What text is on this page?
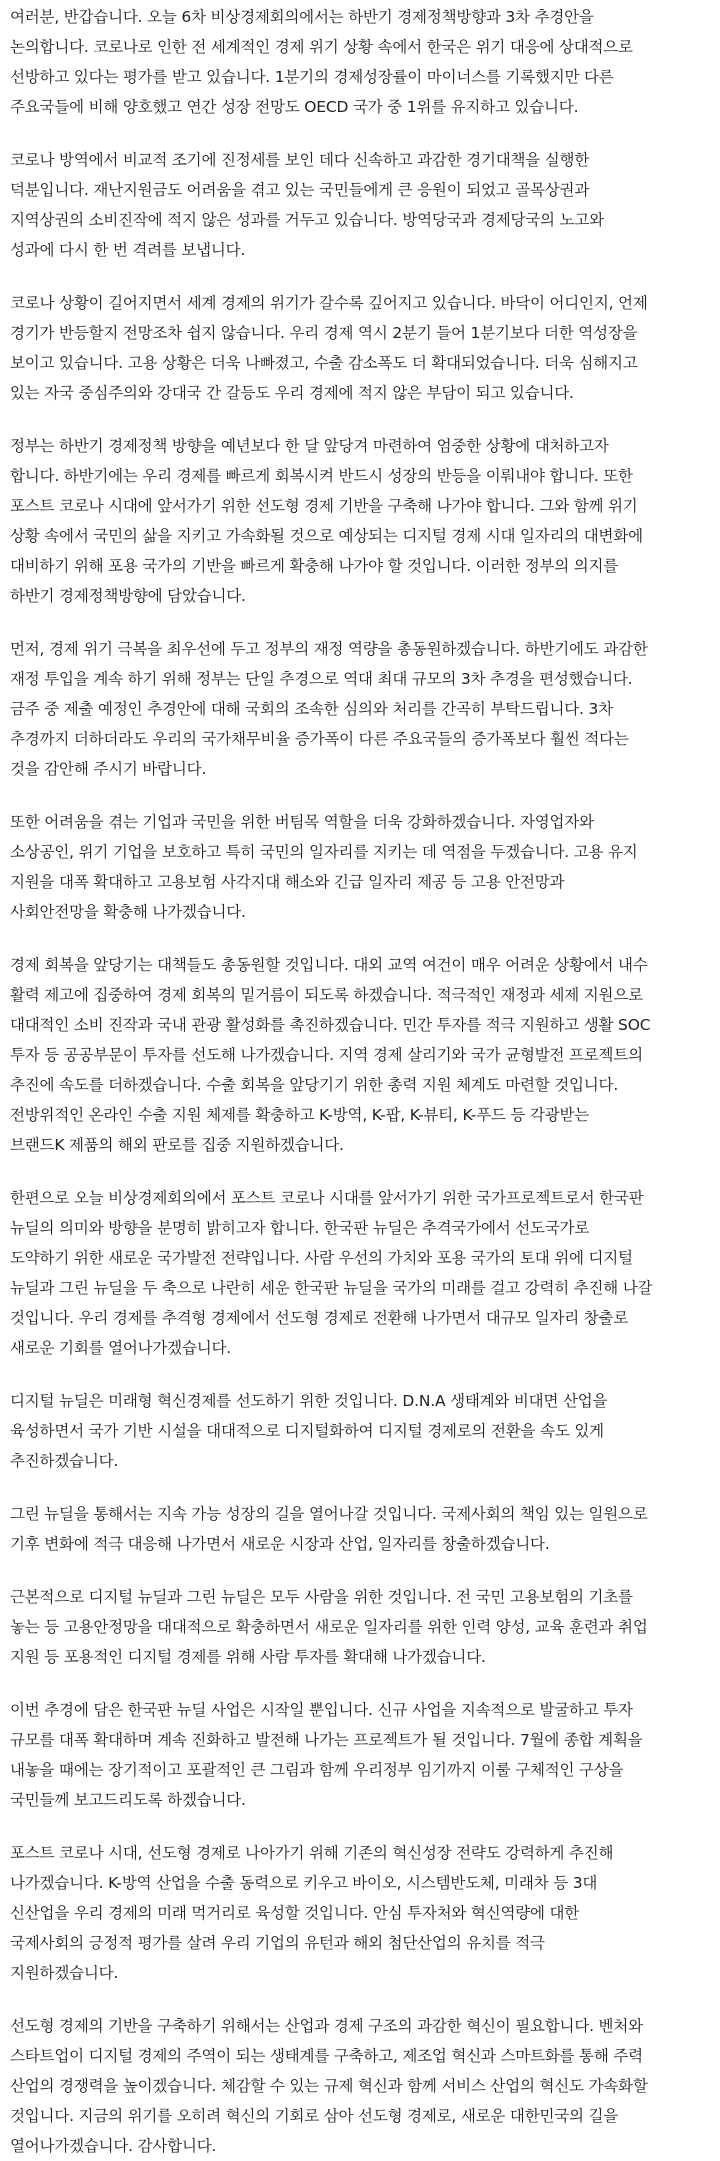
여러분, 반갑습니다. 오늘 6차 비상경제회의에서는 하반기 경제정책방향과 3차 추경안을
논의합니다. 코로나로 인한 전 세계적인 경제 위기 상황 속에서 한국은 위기 대응에 상대적으로
선방하고 있다는 평가를 받고 있습니다. 1분기의 경제성장률이 마이너스를 기록했지만 다른
주요국들에 비해 양호했고 연간 성장 전망도 OECD 국가 중 1위를 유지하고 있습니다.

코로나 방역에서 비교적 조기에 진정세를 보인 데다 신속하고 과감한 경기대책을 실행한
덕분입니다. 재난지원금도 어려움을 겪고 있는 국민들에게 큰 응원이 되었고 골목상권과
지역상권의 소비진작에 적지 않은 성과를 거두고 있습니다. 방역당국과 경제당국의 노고와
성과에 다시 한 번 격려를 보냅니다.

코로나 상황이 길어지면서 세계 경제의 위기가 갈수록 깊어지고 있습니다. 바닥이 어디인지, 언제
경기가 반등할지 전망조차 쉽지 않습니다. 우리 경제 역시 2분기 들어 1분기보다 더한 역성장을
보이고 있습니다. 고용 상황은 더욱 나빠졌고, 수출 감소폭도 더 확대되었습니다. 더욱 심해지고
있는 자국 중심주의와 강대국 간 갈등도 우리 경제에 적지 않은 부담이 되고 있습니다.

정부는 하반기 경제정책 방향을 예년보다 한 달 앞당겨 마련하여 엄중한 상황에 대처하고자
합니다. 하반기에는 우리 경제를 빠르게 회복시켜 반드시 성장의 반등을 이뤄내야 합니다. 또한
포스트 코로나 시대에 앞서가기 위한 선도형 경제 기반을 구축해 나가야 합니다. 그와 함께 위기
상황 속에서 국민의 삶을 지키고 가속화될 것으로 예상되는 디지털 경제 시대 일자리의 대변화에
대비하기 위해 포용 국가의 기반을 빠르게 확충해 나가야 할 것입니다. 이러한 정부의 의지를
하반기 경제정책방향에 담았습니다.

먼저, 경제 위기 극복을 최우선에 두고 정부의 재정 역량을 총동원하겠습니다. 하반기에도 과감한
재정 투입을 계속 하기 위해 정부는 단일 추경으로 역대 최대 규모의 3차 추경을 편성했습니다.
금주 중 제출 예정인 추경안에 대해 국회의 조속한 심의와 처리를 간곡히 부탁드립니다. 3차
추경까지 더하더라도 우리의 국가채무비율 증가폭이 다른 주요국들의 증가폭보다 훨씬 적다는
것을 감안해 주시기 바랍니다.

또한 어려움을 겪는 기업과 국민을 위한 버팀목 역할을 더욱 강화하겠습니다. 자영업자와
소상공인, 위기 기업을 보호하고 특히 국민의 일자리를 지키는 데 역점을 두겠습니다. 고용 유지
지원을 대폭 확대하고 고용보험 사각지대 해소와 긴급 일자리 제공 등 고용 안전망과
사회안전망을 확충해 나가겠습니다.

경제 회복을 앞당기는 대책들도 총동원할 것입니다. 대외 교역 여건이 매우 어려운 상황에서 내수
활력 제고에 집중하여 경제 회복의 밑거름이 되도록 하겠습니다. 적극적인 재정과 세제 지원으로
대대적인 소비 진작과 국내 관광 활성화를 촉진하겠습니다. 민간 투자를 적극 지원하고 생활 SOC
투자 등 공공부문이 투자를 선도해 나가겠습니다. 지역 경제 살리기와 국가 균형발전 프로젝트의
추진에 속도를 더하겠습니다. 수출 회복을 앞당기기 위한 총력 지원 체계도 마련할 것입니다.
전방위적인 온라인 수출 지원 체제를 확충하고 K-방역, K-팝, K-뷰티, K-푸드 등 각광받는
브랜드K 제품의 해외 판로를 집중 지원하겠습니다.

한편으로 오늘 비상경제회의에서 포스트 코로나 시대를 앞서가기 위한 국가프로젝트로서 한국판
뉴딜의 의미와 방향을 분명히 밝히고자 합니다. 한국판 뉴딜은 추격국가에서 선도국가로
도약하기 위한 새로운 국가발전 전략입니다. 사람 우선의 가치와 포용 국가의 토대 위에 디지털
뉴딜과 그린 뉴딜을 두 축으로 나란히 세운 한국판 뉴딜을 국가의 미래를 걸고 강력히 추진해 나갈
것입니다. 우리 경제를 추격형 경제에서 선도형 경제로 전환해 나가면서 대규모 일자리 창출로
새로운 기회를 열어나가겠습니다.

디지털 뉴딜은 미래형 혁신경제를 선도하기 위한 것입니다. D.N.A 생태계와 비대면 산업을
육성하면서 국가 기반 시설을 대대적으로 디지털화하여 디지털 경제로의 전환을 속도 있게
추진하겠습니다.

그린 뉴딜을 통해서는 지속 가능 성장의 길을 열어나갈 것입니다. 국제사회의 책임 있는 일원으로
기후 변화에 적극 대응해 나가면서 새로운 시장과 산업, 일자리를 창출하겠습니다.

근본적으로 디지털 뉴딜과 그린 뉴딜은 모두 사람을 위한 것입니다. 전 국민 고용보험의 기초를
놓는 등 고용안정망을 대대적으로 확충하면서 새로운 일자리를 위한 인력 양성, 교육 훈련과 취업
지원 등 포용적인 디지털 경제를 위해 사람 투자를 확대해 나가겠습니다.

이번 추경에 담은 한국판 뉴딜 사업은 시작일 뿐입니다. 신규 사업을 지속적으로 발굴하고 투자
규모를 대폭 확대하며 계속 진화하고 발전해 나가는 프로젝트가 될 것입니다. 7월에 종합 계획을
내놓을 때에는 장기적이고 포괄적인 큰 그림과 함께 우리정부 임기까지 이룰 구체적인 구상을
국민들께 보고드리도록 하겠습니다.

포스트 코로나 시대, 선도형 경제로 나아가기 위해 기존의 혁신성장 전략도 강력하게 추진해
나가겠습니다. K-방역 산업을 수출 동력으로 키우고 바이오, 시스템반도체, 미래차 등 3대
신산업을 우리 경제의 미래 먹거리로 육성할 것입니다. 안심 투자처와 혁신역량에 대한
국제사회의 긍정적 평가를 살려 우리 기업의 유턴과 해외 첨단산업의 유치를 적극
지원하겠습니다.

선도형 경제의 기반을 구축하기 위해서는 산업과 경제 구조의 과감한 혁신이 필요합니다. 벤처와
스타트업이 디지털 경제의 주역이 되는 생태계를 구축하고, 제조업 혁신과 스마트화를 통해 주력
산업의 경쟁력을 높이겠습니다. 체감할 수 있는 규제 혁신과 함께 서비스 산업의 혁신도 가속화할
것입니다. 지금의 위기를 오히려 혁신의 기회로 삼아 선도형 경제로, 새로운 대한민국의 길을
열어나가겠습니다. 감사합니다.
